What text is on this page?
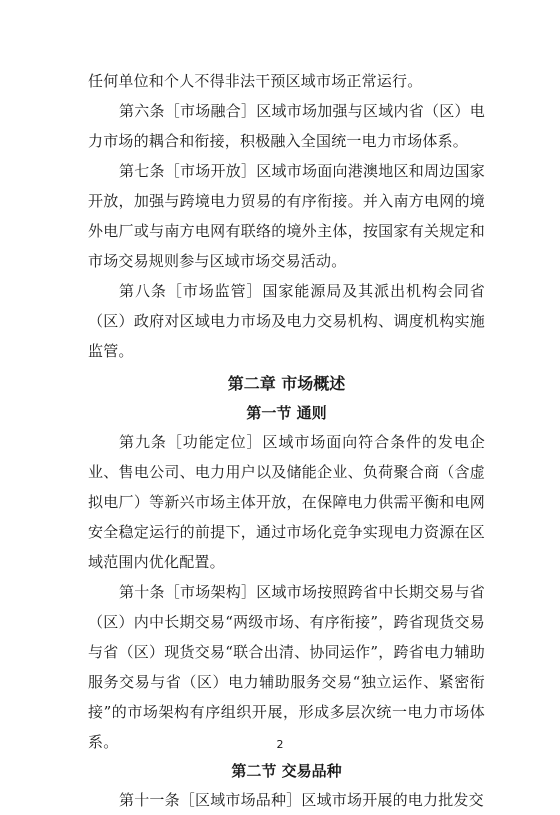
任何单位和个人不得非法干预区域市场正常运行。

第六条［市场融合］区域市场加强与区域内省（区）电力市场的耦合和衔接，积极融入全国统一电力市场体系。

第七条［市场开放］区域市场面向港澳地区和周边国家开放，加强与跨境电力贸易的有序衔接。并入南方电网的境外电厂或与南方电网有联络的境外主体，按国家有关规定和市场交易规则参与区域市场交易活动。

第八条［市场监管］国家能源局及其派出机构会同省（区）政府对区域电力市场及电力交易机构、调度机构实施监管。

第二章 市场概述
第一节 通则

第九条［功能定位］区域市场面向符合条件的发电企业、售电公司、电力用户以及储能企业、负荷聚合商（含虚拟电厂）等新兴市场主体开放，在保障电力供需平衡和电网安全稳定运行的前提下，通过市场化竞争实现电力资源在区域范围内优化配置。

第十条［市场架构］区域市场按照跨省中长期交易与省（区）内中长期交易“两级市场、有序衔接”，跨省现货交易与省（区）现货交易“联合出清、协同运作”，跨省电力辅助服务交易与省（区）电力辅助服务交易“独立运作、紧密衔接”的市场架构有序组织开展，形成多层次统一电力市场体系。

第二节 交易品种

第十一条［区域市场品种］区域市场开展的电力批发交

2
